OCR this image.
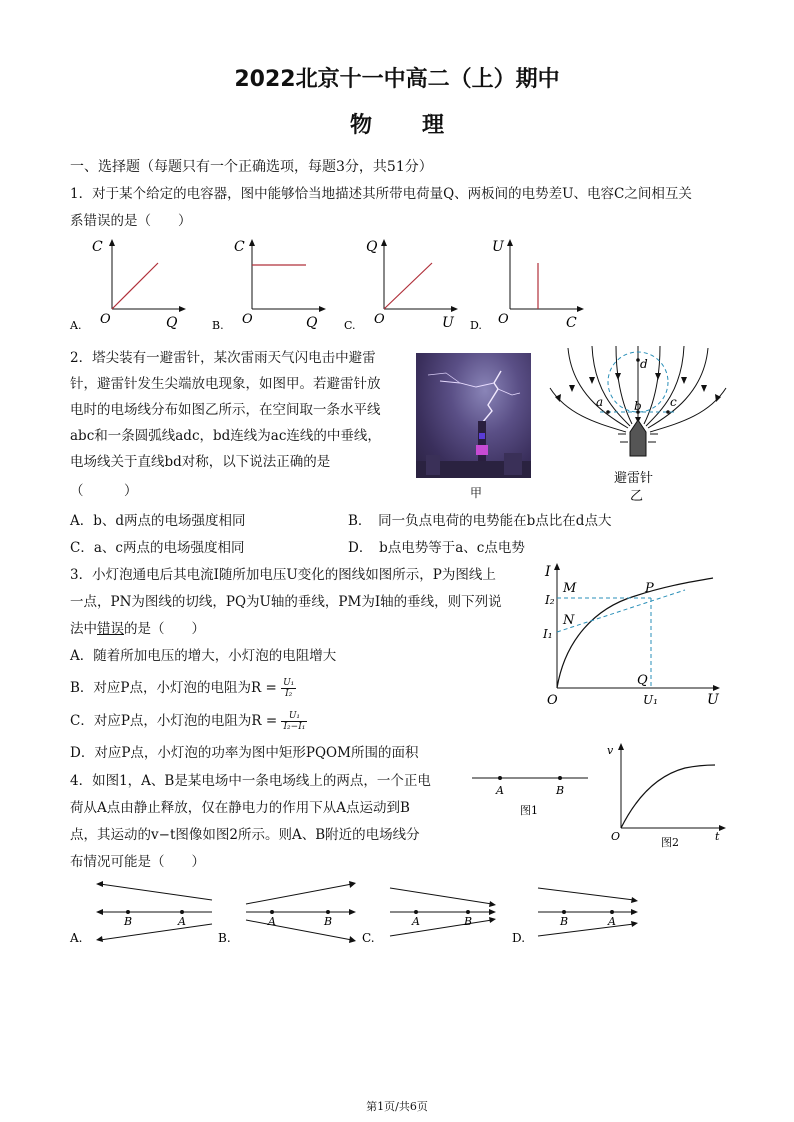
2022北京十一中高二（上）期中
物 理
一、选择题（每题只有一个正确选项，每题3分，共51分）
1．对于某个给定的电容器，图中能够恰当地描述其所带电荷量Q、两板间的电势差U、电容C之间相互关
系错误的是（　　）
A.
C
O	Q	B.
C
O	Q C.
Q
O	U D.
U
O	C
2．塔尖装有一避雷针，某次雷雨天气闪电击中避雷
针，避雷针发生尖端放电现象，如图甲。若避雷针放
电时的电场线分布如图乙所示，在空间取一条水平线
abc和一条圆弧线adc，bd连线为ac连线的中垂线，
电场线关于直线bd对称，以下说法正确的是
（　　　）	甲
d
a	b c
避雷针
乙
A．b、d两点的电场强度相同	B．　同一负点电荷的电势能在b点比在d点大
C．a、c两点的电场强度相同	D．　b点电势等于a、c点电势
3．小灯泡通电后其电流I随所加电压U变化的图线如图所示，P为图线上
一点，PN为图线的切线，PQ为U轴的垂线，PM为I轴的垂线，则下列说
法中错误的是（　　）
A．随着所加电压的增大，小灯泡的电阻增大
B．对应P点，小灯泡的电阻为$R = \frac{\text{U₁}}{\text{I₂}}$
C．对应P点，小灯泡的电阻为$R = \frac{\text{U₁}}{\text{I₂−I₁}}$
D．对应P点，小灯泡的功率为图中矩形PQOM所围的面积
I
U
O
M
I₂
N
I₁
P
Q
U₁
4．如图1，A、B是某电场中一条电场线上的两点，一个正电
荷从A点由静止释放，仅在静电力的作用下从A点运动到B
点，其运动的v−t图像如图2所示。则A、B附近的电场线分
布情况可能是（　　）
A	B
图1
v
t
O	图2
B	A
A.
A	B
B.
A	B
C.
B	A
D.
第1页/共6页
